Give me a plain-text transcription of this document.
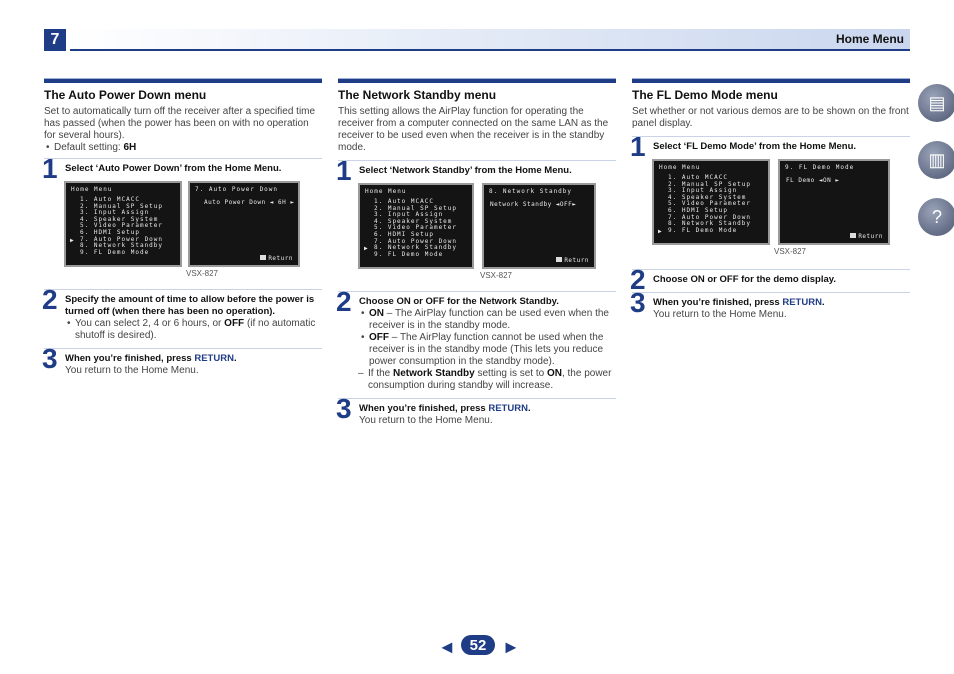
7	Home Menu
The Auto Power Down menu
Set to automatically turn off the receiver after a specified time has passed (when the power has been on with no operation for several hours).
• Default setting: 6H
1 Select ‘Auto Power Down’ from the Home Menu.
Home Menu
1. Auto MCACC
2. Manual SP Setup
3. Input Assign
4. Speaker System
5. Video Parameter
6. HDMI Setup
7. Auto Power Down
8. Network Standby
9. FL Demo Mode
▶
7. Auto Power Down
Auto Power Down ◄ 6H ►
Return
VSX-827
2 Specify the amount of time to allow before the power is turned off (when there has been no operation).
• You can select 2, 4 or 6 hours, or OFF (if no automatic shutoff is desired).
3 When you’re finished, press RETURN.
You return to the Home Menu.
The Network Standby menu
This setting allows the AirPlay function for operating the receiver from a computer connected on the same LAN as the receiver to be used even when the receiver is in the standby mode.
1 Select ‘Network Standby’ from the Home Menu.
Home Menu
1. Auto MCACC
2. Manual SP Setup
3. Input Assign
4. Speaker System
5. Video Parameter
6. HDMI Setup
7. Auto Power Down
8. Network Standby
9. FL Demo Mode
▶
8. Network Standby
Network Standby ◄OFF►
Return
VSX-827
2 Choose ON or OFF for the Network Standby.
• ON – The AirPlay function can be used even when the receiver is in the standby mode.
• OFF – The AirPlay function cannot be used when the receiver is in the standby mode (This lets you reduce power consumption in the standby mode).
– If the Network Standby setting is set to ON, the power consumption during standby will increase.
3 When you’re finished, press RETURN.
You return to the Home Menu.
The FL Demo Mode menu
Set whether or not various demos are to be shown on the front panel display.
1 Select ‘FL Demo Mode’ from the Home Menu.
Home Menu
1. Auto MCACC
2. Manual SP Setup
3. Input Assign
4. Speaker System
5. Video Parameter
6. HDMI Setup
7. Auto Power Down
8. Network Standby
9. FL Demo Mode
▶
9. FL Demo Mode
FL Demo ◄ON ►
Return
VSX-827
2 Choose ON or OFF for the demo display.
3 When you’re finished, press RETURN.
You return to the Home Menu.
▤
▥
?
◄ 52 ►
